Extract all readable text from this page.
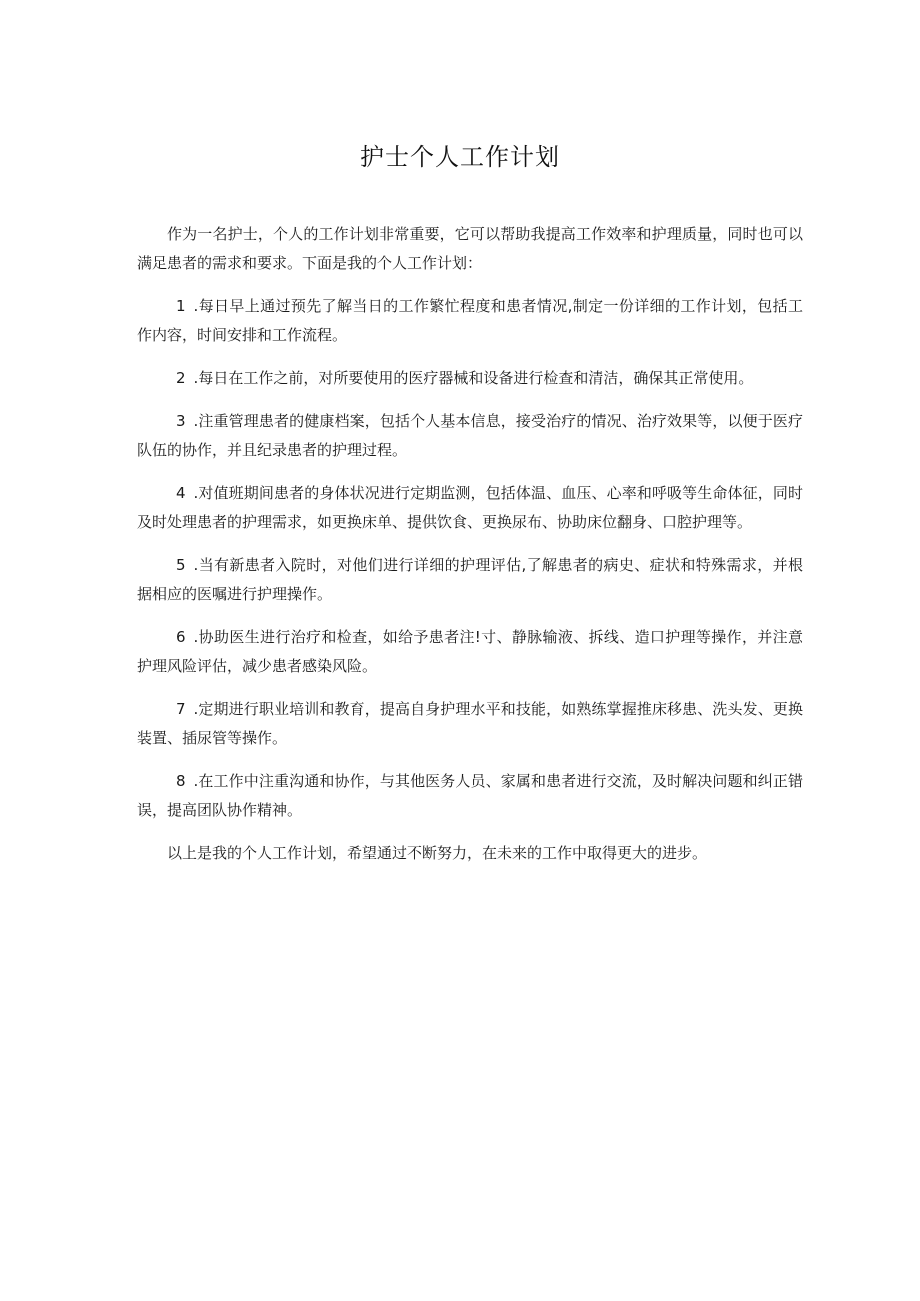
护士个人工作计划

作为一名护士，个人的工作计划非常重要，它可以帮助我提高工作效率和护理质量，同时也可以满足患者的需求和要求。下面是我的个人工作计划：

1 .每日早上通过预先了解当日的工作繁忙程度和患者情况,制定一份详细的工作计划，包括工作内容，时间安排和工作流程。

2 .每日在工作之前，对所要使用的医疗器械和设备进行检查和清洁，确保其正常使用。

3 .注重管理患者的健康档案，包括个人基本信息，接受治疗的情况、治疗效果等，以便于医疗队伍的协作，并且纪录患者的护理过程。

4 .对值班期间患者的身体状况进行定期监测，包括体温、血压、心率和呼吸等生命体征，同时及时处理患者的护理需求，如更换床单、提供饮食、更换尿布、协助床位翻身、口腔护理等。

5 .当有新患者入院时，对他们进行详细的护理评估,了解患者的病史、症状和特殊需求，并根据相应的医嘱进行护理操作。

6 .协助医生进行治疗和检查，如给予患者注!寸、静脉输液、拆线、造口护理等操作，并注意护理风险评估，减少患者感染风险。

7 .定期进行职业培训和教育，提高自身护理水平和技能，如熟练掌握推床移患、洗头发、更换装置、插尿管等操作。

8 .在工作中注重沟通和协作，与其他医务人员、家属和患者进行交流，及时解决问题和纠正错误，提高团队协作精神。

以上是我的个人工作计划，希望通过不断努力，在未来的工作中取得更大的进步。
